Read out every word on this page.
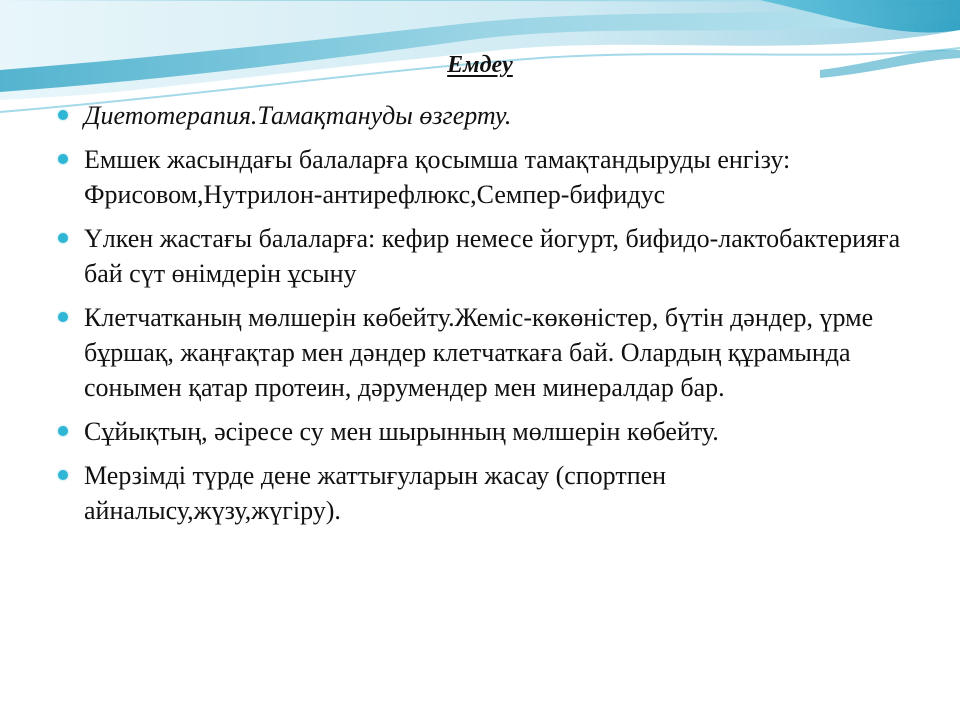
Емдеу
Диетотерапия.Тамақтануды өзгерту.
Емшек жасындағы балаларға қосымша тамақтандыруды енгізу: Фрисовом,Нутрилон-антирефлюкс,Семпер-бифидус
Үлкен жастағы балаларға: кефир немесе йогурт, бифидо-лактобактерияға бай сүт өнімдерін ұсыну
Клетчатканың мөлшерін көбейту.Жеміс-көкөністер, бүтін дәндер, үрме бұршақ, жаңғақтар мен дәндер клетчаткаға бай. Олардың құрамында сонымен қатар протеин, дәрумендер мен минералдар бар.
Сұйықтың, әсіресе су мен шырынның мөлшерін көбейту.
Мерзімді түрде дене жаттығуларын жасау (спортпен айналысу,жүзу,жүгіру).
